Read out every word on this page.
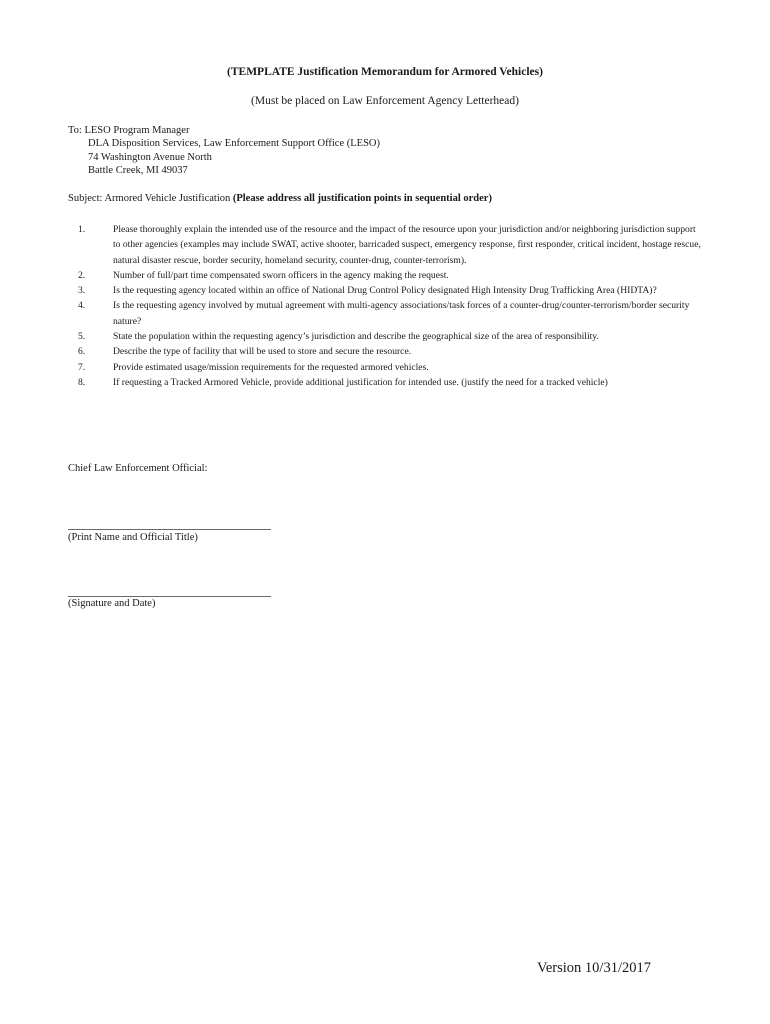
(TEMPLATE Justification Memorandum for Armored Vehicles)
(Must be placed on Law Enforcement Agency Letterhead)
To: LESO Program Manager
DLA Disposition Services, Law Enforcement Support Office (LESO)
74 Washington Avenue North
Battle Creek, MI 49037
Subject: Armored Vehicle Justification (Please address all justification points in sequential order)
1.	Please thoroughly explain the intended use of the resource and the impact of the resource upon your jurisdiction and/or neighboring jurisdiction support to other agencies (examples may include SWAT, active shooter, barricaded suspect, emergency response, first responder, critical incident, hostage rescue, natural disaster rescue, border security, homeland security, counter-drug, counter-terrorism).
2.	Number of full/part time compensated sworn officers in the agency making the request.
3.	Is the requesting agency located within an office of National Drug Control Policy designated High Intensity Drug Trafficking Area (HIDTA)?
4.	Is the requesting agency involved by mutual agreement with multi-agency associations/task forces of a counter-drug/counter-terrorism/border security nature?
5.	State the population within the requesting agency’s jurisdiction and describe the geographical size of the area of responsibility.
6.	Describe the type of facility that will be used to store and secure the resource.
7.	Provide estimated usage/mission requirements for the requested armored vehicles.
8.	If requesting a Tracked Armored Vehicle, provide additional justification for intended use. (justify the need for a tracked vehicle)
Chief Law Enforcement Official:
(Print Name and Official Title)
(Signature and Date)
Version 10/31/2017
